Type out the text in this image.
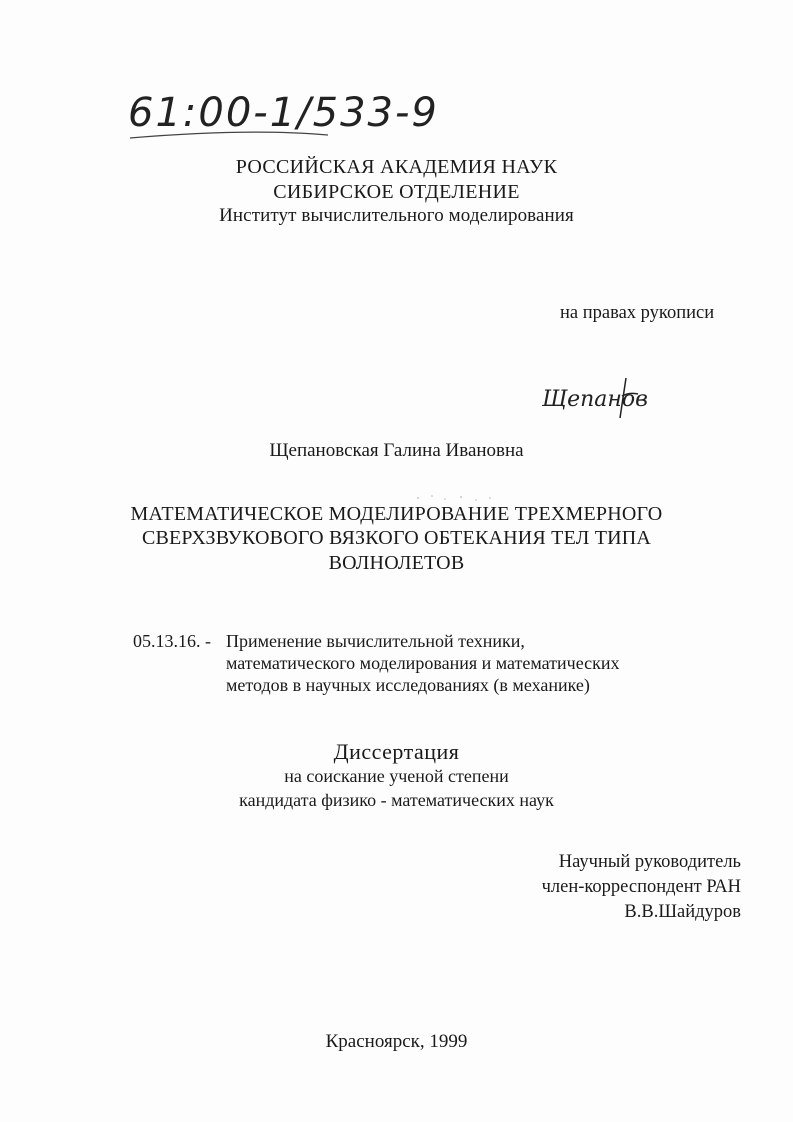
61:00-1/533-9
РОССИЙСКАЯ АКАДЕМИЯ НАУК
СИБИРСКОЕ ОТДЕЛЕНИЕ
Институт вычислительного моделирования
на правах рукописи
Щепанов
Щепановская Галина Ивановна
МАТЕМАТИЧЕСКОЕ МОДЕЛИРОВАНИЕ ТРЕХМЕРНОГО
СВЕРХЗВУКОВОГО ВЯЗКОГО ОБТЕКАНИЯ ТЕЛ ТИПА
ВОЛНОЛЕТОВ
05.13.16. - Применение вычислительной техники,
математического моделирования и математических
методов в научных исследованиях (в механике)
Диссертация
на соискание ученой степени
кандидата физико - математических наук
Научный руководитель
член-корреспондент РАН
В.В.Шайдуров
Красноярск, 1999
